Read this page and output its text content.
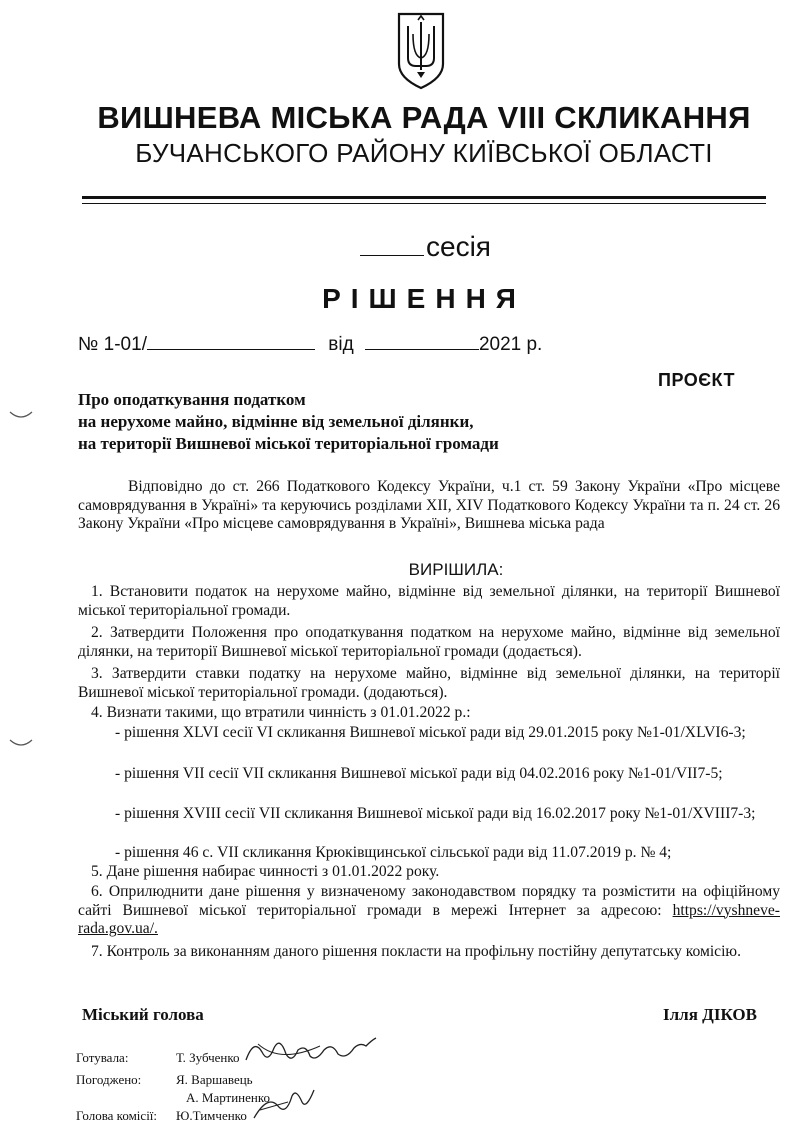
ВИШНЕВА МІСЬКА РАДА VIII СКЛИКАННЯ
БУЧАНСЬКОГО РАЙОНУ КИЇВСЬКОЇ ОБЛАСТІ
сесія
РІШЕННЯ
№ 1-01/	від	2021 р.
ПРОЄКТ
Про оподаткування податком
на нерухоме майно, відмінне від земельної ділянки,
на території Вишневої міської територіальної громади
Відповідно до ст. 266 Податкового Кодексу України, ч.1 ст. 59 Закону України «Про місцеве самоврядування в Україні» та керуючись розділами XII, XIV Податкового Кодексу України та п. 24 ст. 26 Закону України «Про місцеве самоврядування в Україні», Вишнева міська рада
ВИРІШИЛА:
1. Встановити податок на нерухоме майно, відмінне від земельної ділянки, на території Вишневої міської територіальної громади.
2. Затвердити Положення про оподаткування податком на нерухоме майно, відмінне від земельної ділянки, на території Вишневої міської територіальної громади (додається).
3. Затвердити ставки податку на нерухоме майно, відмінне від земельної ділянки, на території Вишневої міської територіальної громади. (додаються).
4. Визнати такими, що втратили чинність з 01.01.2022 р.:
- рішення XLVI сесії VI скликання Вишневої міської ради від 29.01.2015 року №1-01/XLVI6-3;
- рішення VII сесії VII скликання Вишневої міської ради від 04.02.2016 року №1-01/VII7-5;
- рішення XVIII сесії VII скликання Вишневої міської ради від 16.02.2017 року №1-01/XVIII7-3;
- рішення 46 с. VII скликання Крюківщинської сільської ради від 11.07.2019 р. № 4;
5. Дане рішення набирає чинності з 01.01.2022 року.
6. Оприлюднити дане рішення у визначеному законодавством порядку та розмістити на офіційному сайті Вишневої міської територіальної громади в мережі Інтернет за адресою: https://vyshneve-rada.gov.ua/.
7. Контроль за виконанням даного рішення покласти на профільну постійну депутатську комісію.
Міський голова	Ілля ДІКОВ
Готувала:	Т. Зубченко
Погоджено:	Я. Варшавець
А. Мартиненко
Голова комісії: Ю.Тимченко
